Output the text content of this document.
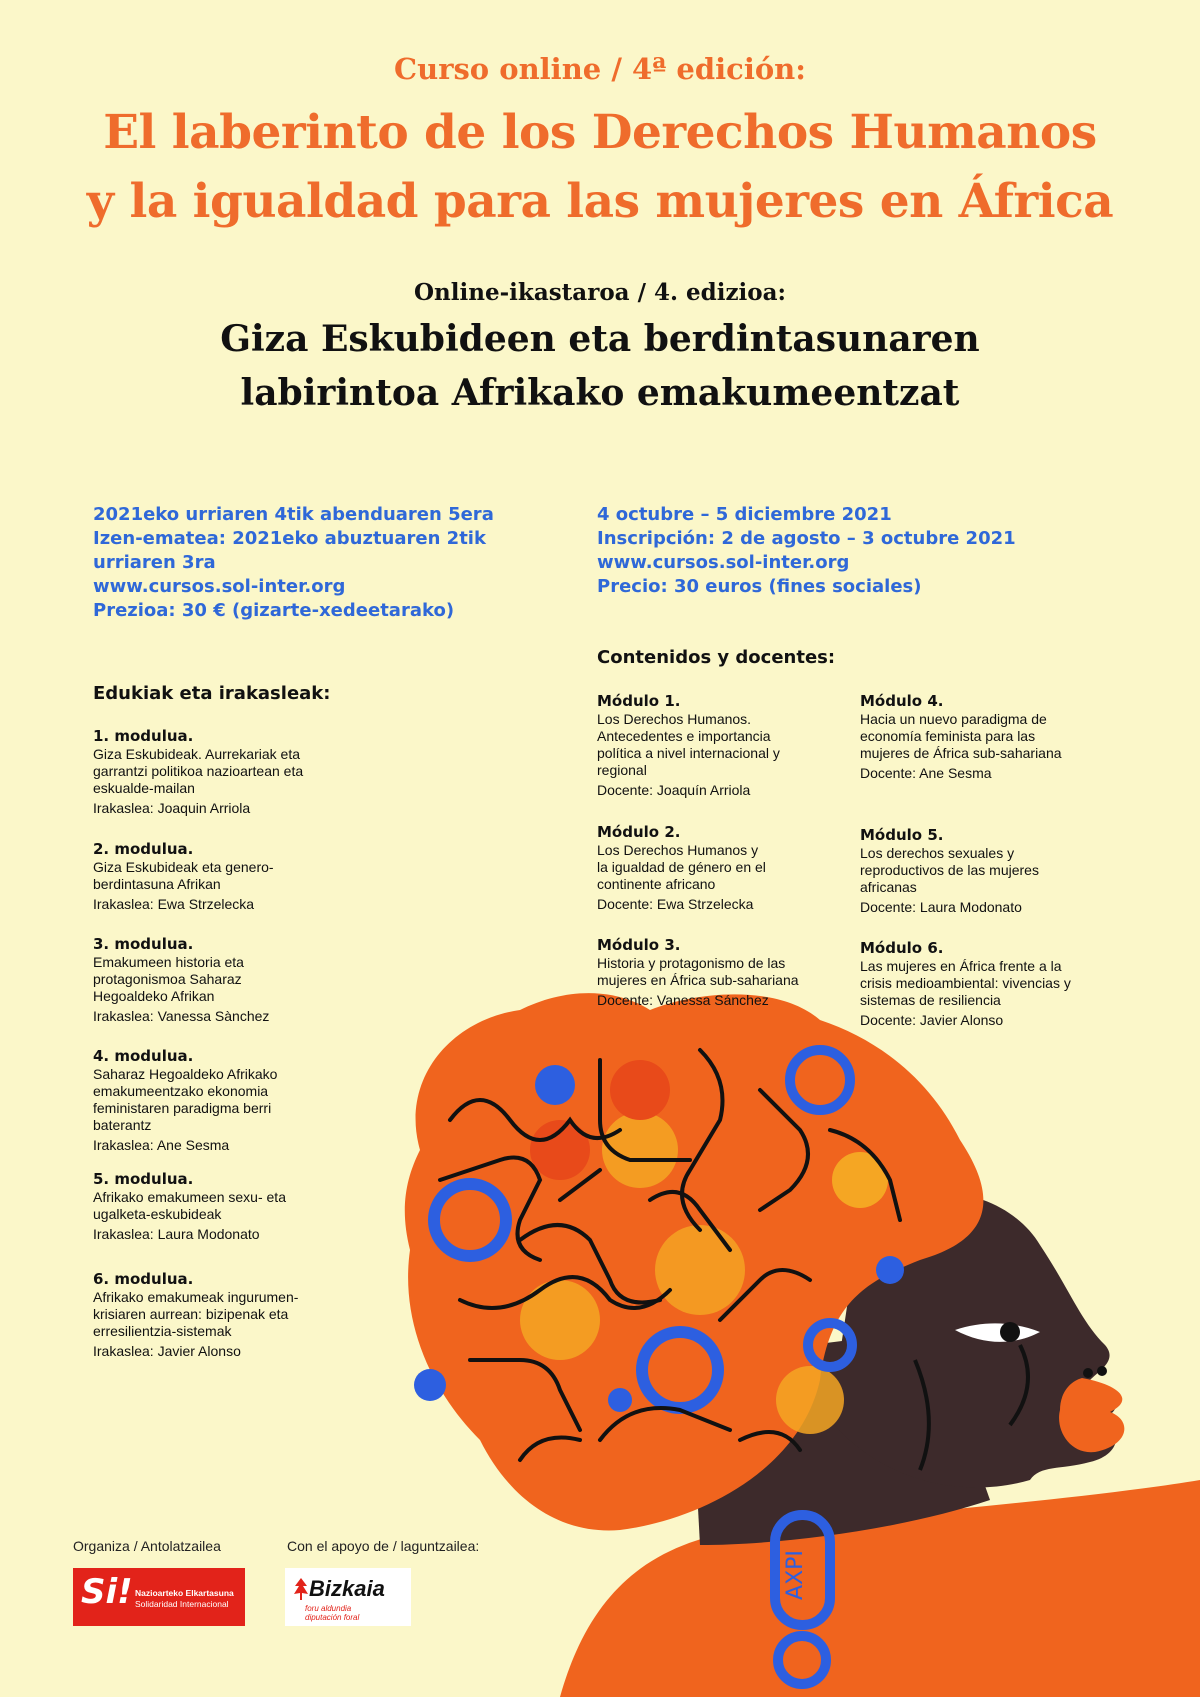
Curso online / 4ª edición:
El laberinto de los Derechos Humanos
y la igualdad para las mujeres en África
Online-ikastaroa / 4. edizioa:
Giza Eskubideen eta berdintasunaren
labirintoa Afrikako emakumeentzat
2021eko urriaren 4tik abenduaren 5era
Izen-ematea: 2021eko abuztuaren 2tik
urriaren 3ra
www.cursos.sol-inter.org
Prezioa: 30 € (gizarte-xedeetarako)
4 octubre – 5 diciembre 2021
Inscripción: 2 de agosto – 3 octubre 2021
www.cursos.sol-inter.org
Precio: 30 euros (fines sociales)
Edukiak eta irakasleak:
Contenidos y docentes:
AXPI
1. modulua.
Giza Eskubideak. Aurrekariak eta
garrantzi politikoa nazioartean eta
eskualde-mailan
Irakaslea: Joaquin Arriola
2. modulua.
Giza Eskubideak eta genero-
berdintasuna Afrikan
Irakaslea: Ewa Strzelecka
3. modulua.
Emakumeen historia eta
protagonismoa Saharaz
Hegoaldeko Afrikan
Irakaslea: Vanessa Sànchez
4. modulua.
Saharaz Hegoaldeko Afrikako
emakumeentzako ekonomia
feministaren paradigma berri
baterantz
Irakaslea: Ane Sesma
5. modulua.
Afrikako emakumeen sexu- eta
ugalketa-eskubideak
Irakaslea: Laura Modonato
6. modulua.
Afrikako emakumeak ingurumen-
krisiaren aurrean: bizipenak eta
erresilientzia-sistemak
Irakaslea: Javier Alonso
Módulo 1.
Los Derechos Humanos.
Antecedentes e importancia
política a nivel internacional y
regional
Docente: Joaquín Arriola
Módulo 2.
Los Derechos Humanos y
la igualdad de género en el
continente africano
Docente: Ewa Strzelecka
Módulo 3.
Historia y protagonismo de las
mujeres en África sub-sahariana
Docente: Vanessa Sánchez
Módulo 4.
Hacia un nuevo paradigma de
economía feminista para las
mujeres de África sub-sahariana
Docente: Ane Sesma
Módulo 5.
Los derechos sexuales y
reproductivos de las mujeres
africanas
Docente: Laura Modonato
Módulo 6.
Las mujeres en África frente a la
crisis medioambiental: vivencias y
sistemas de resiliencia
Docente: Javier Alonso
Organiza / Antolatzailea	Con el apoyo de / laguntzailea:
Si! Nazioarteko Elkartasuna
Solidaridad Internacional
Bizkaia
foru aldundia
diputación foral
